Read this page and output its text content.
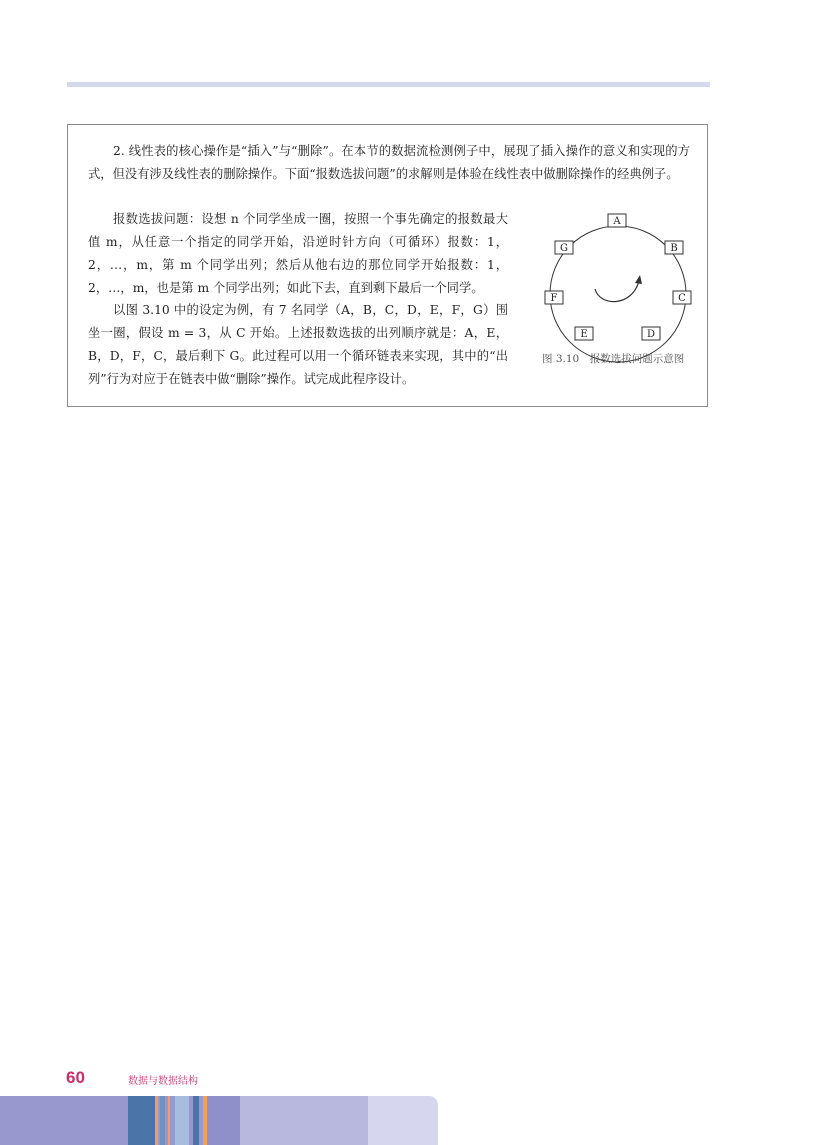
2. 线性表的核心操作是“插入”与“删除”。在本节的数据流检测例子中，展现了插入操作的意义和实现的方式，但没有涉及线性表的删除操作。下面“报数选拔问题”的求解则是体验在线性表中做删除操作的经典例子。

报数选拔问题：设想 n 个同学坐成一圈，按照一个事先确定的报数最大值 m，从任意一个指定的同学开始，沿逆时针方向（可循环）报数：1，2，…，m，第 m 个同学出列；然后从他右边的那位同学开始报数：1，2，…，m，也是第 m 个同学出列；如此下去，直到剩下最后一个同学。

以图 3.10 中的设定为例，有 7 名同学（A，B，C，D，E，F，G）围坐一圈，假设 m = 3，从 C 开始。上述报数选拔的出列顺序就是：A，E，B，D，F，C，最后剩下 G。此过程可以用一个循环链表来实现，其中的“出列”行为对应于在链表中做“删除”操作。试完成此程序设计。

A
B
C
D
E
F
G
图 3.10　报数选拔问题示意图
60	数据与数据结构
